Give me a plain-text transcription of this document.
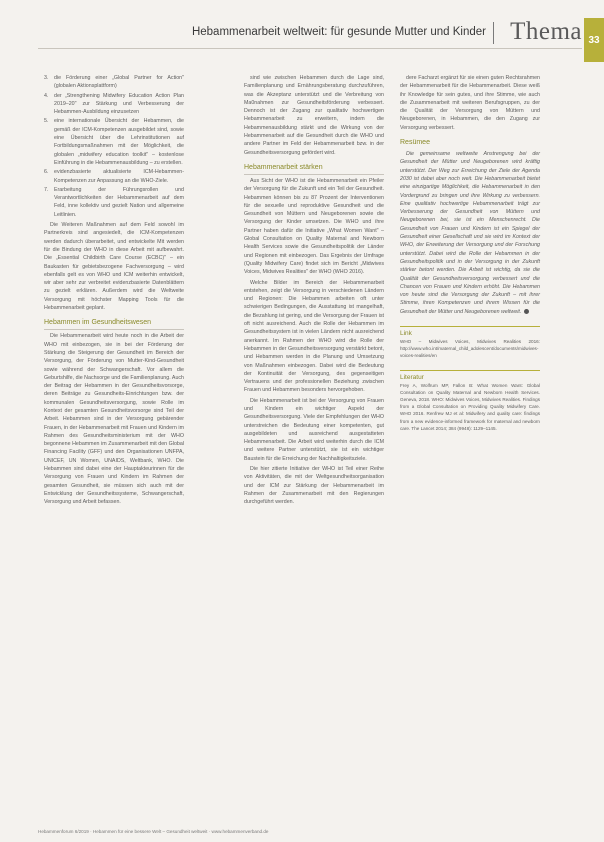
Hebammenarbeit weltweit: für gesunde Mutter und Kinder Thema 33
3. die Förderung einer „Global Partner for Action" (globalen Aktionsplattform)
4. der „Strengthening Midwifery Education Action Plan 2019–20" zur Stärkung und Verbesserung der Hebammen-Ausbildung einzusetzen
5. eine internationale Übersicht der Hebammen, die gemäß der ICM-Kompetenzen ausgebildet sind, sowie eine Übersicht über die Lehrinstitutionen auf Fortbildungsmaßnahmen mit der Möglichkeit, die globalen „midwifery education toolkit" – kostenlose Einführung in die Hebammenausbildung – zu erstellen.
6. evidenzbasierte aktualisierte ICM-Hebammen-Kompetenzen zur Anpassung an die WHO-Ziele.
7. Erarbeitung der Führungsrollen und Verantwortlichkeiten der Hebammenarbeit auf dem Feld, inne kollektiv und gezielt Nation und allgemeine Leitlinien.

Die Weiteren Maßnahmen auf dem Feld sowohl im Partnerkreis sind angesiedelt, die ICM-Kompetenzen werden dadurch überarbeitet, und entwickelte Mit werden für die Bindung der WHO in diese Arbeit mit aufbewahrt. Die „Essential Childbirth Care Course (ECBC)" – ein Baukasten für gebietsbezogene Fachversorgung – wird ebenfalls gelt es von WHO und ICM weiterhin entwickelt, wir aber sehr zur verbreitet evidenzbasierte Datenblättern zu gezielt erklären. Außerdem wird die Weltweite Versorgung mit höchster Mapping Tools für die Hebammenarbeit geplant.

Hebammen im Gesundheitswesen

Die Hebammenarbeit wird heute noch in die Arbeit der WHO mit einbezogen, sie in bei der Förderung der Stärkung die Steigerung der Gesundheit im Bereich der Versorgung, der Förderung von Mutter-Kind-Gesundheit sowie während der Schwangerschaft. Vor allem die Geburtshilfe, die Nachsorge und die Familienplanung. Auch der Beitrag der Hebammen in der Gesundheitsvorsorge, deren Beiträge zu Gesundheits-Einrichtungen bzw. der kommunalen Gesundheitsversorgung, sowie Rolle im Kontext der gesamten Gesundheitsvorsorge sind Teil der Arbeit. Hebammen sind in der Versorgung gebärender Frauen, in der Hebammenarbeit mit Frauen und Kindern im Rahmen des Gesundheitsministerium mit der WHO begonnene Hebammen im Zusammenarbeit mit den Global Financing Facility (GFF) und den Organisationen UNFPA, UNICEF, UN Women, UNAIDS, Weltbank, WHO. Die Hebammen sind dabei eine der Hauptakteurinnen für die Versorgung von Frauen und Kindern im Rahmen der gesamten Gesundheit, sie müssen sich auch mit der Entwicklung der Gesundheitssysteme, Schwangerschaft, Versorgung und Arbeit befassen.

sind wie zwischen Hebammen durch die Lage sind, Familienplanung und Ernährungsberatung durchzuführen, was die Akzeptanz unterstützt und die Verbreitung von Ma0nahmen zur Gesundheitsförderung verbessert. Dennoch ist der Zugang zur qualitativ hochwertigen Hebammenarbeit zu erweitern, indem die Hebammenausbildung stärkt und die Wirkung von der Hebammenarbeit auf die Gesundheit durch die WHO und andere Partner im Feld der Hebammenarbeit bzw. in der Gesundheitsversorgung gefördert wird.

Hebammenarbeit stärken

Aus Sicht der WHO ist die Hebammenarbeit ein Pfeiler der Versorgung für die Zukunft und ein Teil der Gesundheit. Hebammen können bis zu 87 Prozent der Interventionen für die sexuelle und reproduktive Gesundheit und die Gesundheit von Müttern und Neugeborenen sowie die Versorgung der Kinder umsetzen. Die WHO und ihre Partner haben dafür die Initiative „What Women Want" – Global Consultation on Quality Maternal and Newborn Health Services sowie die Gesundheitspolitik der Länder und Regionen mit einbezogen. Das Ergebnis der Umfrage (Quality Midwifery Care) findet sich im Bericht „Midwives Voices, Midwives Realities" der WHO (WHO 2016).

Welche Bilder im Bereich der Hebammenarbeit entstehen, zeigt die Versorgung in verschiedenen Ländern und Regionen: Die Hebammen arbeiten oft unter schwierigen Bedingungen, die Ausstattung ist mangelhaft, die Bezahlung ist gering, und die Versorgung der Frauen ist oft nicht ausreichend. Auch die Rolle der Hebammen im Gesundheitssystem ist in vielen Ländern nicht ausreichend anerkannt. Im Rahmen der WHO wird die Rolle der Hebammen in der Gesundheitsversorgung verstärkt betont, und Hebammen werden in die Planung und Umsetzung von Maßnahmen einbezogen. Dabei wird die Bedeutung der Kontinuität der Versorgung, des gegenseitigen Vertrauens und der professionellen Beziehung zwischen Frauen und Hebammen besonders hervorgehoben.

Die Hebammenarbeit ist bei der Versorgung von Frauen und Kindern ein wichtiger Aspekt der Gesundheitsversorgung. Viele der Empfehlungen der WHO unterstreichen die Bedeutung einer kompetenten, gut ausgebildeten und ausreichend ausgestatteten Hebammenarbeit. Die Arbeit wird weiterhin durch die ICM und weitere Partner unterstützt, sie ist ein wichtiger Baustein für die Erreichung der Nachhaltigkeitsziele.

Die hier zitierte Initiative der WHO ist Teil einer Reihe von Aktivitäten, die mit der Weltgesundheitsorganisation und der ICM zur Stärkung der Hebammenarbeit im Rahmen der Zusammenarbeit mit den Regierungen durchgeführt werden.

dere Facharzt ergänzt für sie einen guten Rechtsrahmen der Hebammenarbeit für die Hebammenarbeit. Diese weiß ihr Knowledge für sein gutes, und ihre Stimme, wie auch die Zusammenarbeit mit weiteren Berufsgruppen, zu der die Qualität der Versorgung von Müttern und Neugeborenen, in Hebammen, die den Zugang zur Versorgung verbessert.

Resümee

Die gemeinsame weltweite Anstrengung bei der Gesundheit der Mütter und Neugeborenen wird kräftig unterstützt. Der Weg zur Erreichung der Ziele der Agenda 2030 ist dabei aber noch weit. Die Hebammenarbeit bietet eine einzigartige Möglichkeit, die Hebammenarbeit in den Vordergrund zu bringen und ihre Wirkung zu verbessern. Eine qualitativ hochwertige Hebammenarbeit trägt zur Verbesserung der Gesundheit von Müttern und Neugeborenen bei, sie ist ein Menschenrecht. Die Gesundheit von Frauen und Kindern ist ein Spiegel der Gesundheit einer Gesellschaft und sie wird im Kontext der WHO, der Erweiterung der Versorgung und der Forschung unterstützt. Dabei wird die Rolle der Hebammen in der Gesundheitspolitik und in der Versorgung in der Zukunft stärker betont werden. Die Arbeit ist wichtig, da sie die Qualität der Gesundheitsversorgung verbessert und die Chancen von Frauen und Kindern erhöht. Die Hebammen von heute sind die Versorgung der Zukunft – mit ihrer Stimme, ihren Kompetenzen und ihrem Wissen für die Gesundheit der Mütter und Neugeborenen weltweit.

Link

WHO – Midwives Voices, Midwives Realities 2016: http://www.who.int/maternal_child_adolescent/documents/midwives-voices-realities/en

Literatur

Frey A, Wolfrum MP, Fallon B: What Women Want: Global Consultation on Quality Maternal and Newborn Health Services. Geneva, 2018. WHO: Midwives Voices, Midwives Realities. Findings from a Global Consultation on Providing Quality Midwifery Care. WHO 2016. Renfrew MJ et al: Midwifery and quality care: findings from a new evidence-informed framework for maternal and newborn care. The Lancet 2014; 384 (9948): 1129–1145.

Hebammenforum 6/2019 · Hebammen für eine bessere Welt – Gesundheit weltweit · www.hebammenverband.de
